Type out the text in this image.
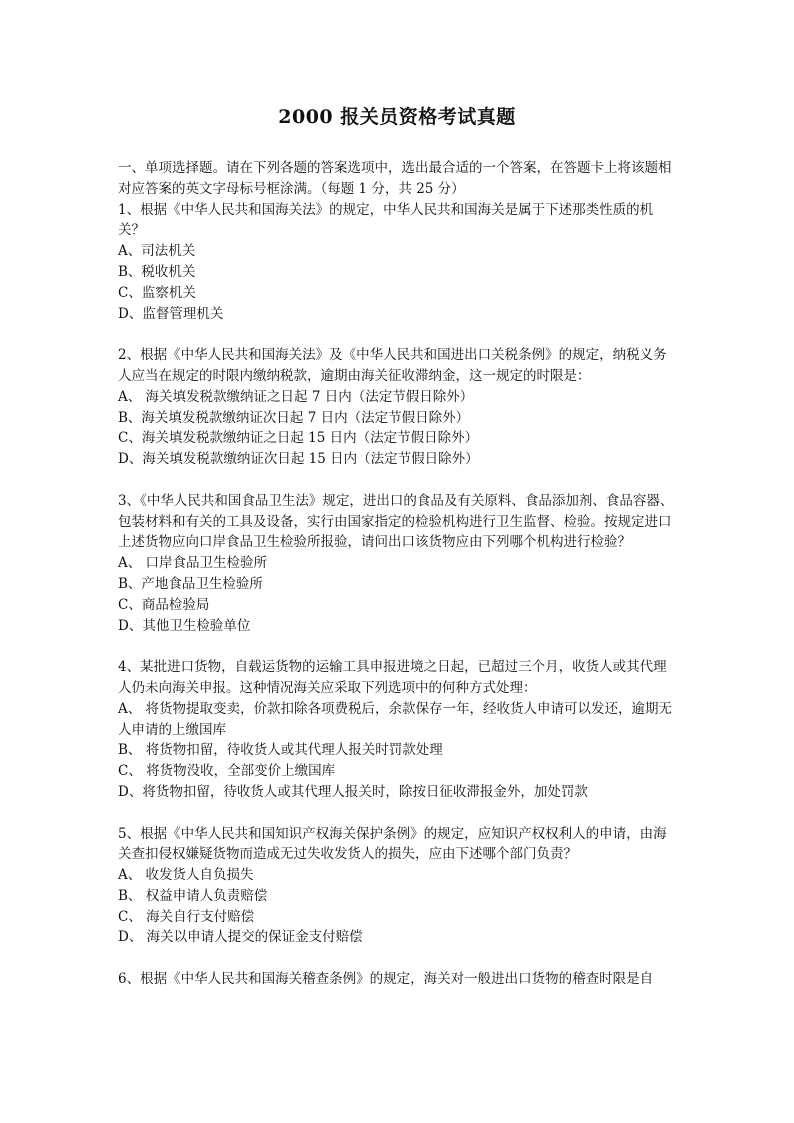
2000 报关员资格考试真题

一、单项选择题。请在下列各题的答案选项中，选出最合适的一个答案，在答题卡上将该题相对应答案的英文字母标号框涂满。（每题 1 分，共 25 分）

1、根据《中华人民共和国海关法》的规定，中华人民共和国海关是属于下述那类性质的机关？

A、司法机关

B、税收机关

C、监察机关

D、监督管理机关

2、根据《中华人民共和国海关法》及《中华人民共和国进出口关税条例》的规定，纳税义务人应当在规定的时限内缴纳税款，逾期由海关征收滞纳金，这一规定的时限是：

A、 海关填发税款缴纳证之日起 7 日内（法定节假日除外）

B、海关填发税款缴纳证次日起 7 日内（法定节假日除外）

C、海关填发税款缴纳证之日起 15 日内（法定节假日除外）

D、海关填发税款缴纳证次日起 15 日内（法定节假日除外）

3、《中华人民共和国食品卫生法》规定，进出口的食品及有关原料、食品添加剂、食品容器、包装材料和有关的工具及设备，实行由国家指定的检验机构进行卫生监督、检验。按规定进口上述货物应向口岸食品卫生检验所报验，请问出口该货物应由下列哪个机构进行检验？

A、 口岸食品卫生检验所

B、产地食品卫生检验所

C、商品检验局

D、其他卫生检验单位

4、某批进口货物，自载运货物的运输工具申报进境之日起，已超过三个月，收货人或其代理人仍未向海关申报。这种情况海关应采取下列选项中的何种方式处理：

A、 将货物提取变卖，价款扣除各项费税后，余款保存一年，经收货人申请可以发还，逾期无人申请的上缴国库

B、 将货物扣留，待收货人或其代理人报关时罚款处理

C、 将货物没收，全部变价上缴国库

D、将货物扣留，待收货人或其代理人报关时，除按日征收滞报金外，加处罚款

5、根据《中华人民共和国知识产权海关保护条例》的规定，应知识产权权利人的申请，由海关查扣侵权嫌疑货物而造成无过失收发货人的损失，应由下述哪个部门负责？

A、 收发货人自负损失

B、 权益申请人负责赔偿

C、 海关自行支付赔偿

D、 海关以申请人提交的保证金支付赔偿

6、根据《中华人民共和国海关稽查条例》的规定，海关对一般进出口货物的稽查时限是自
